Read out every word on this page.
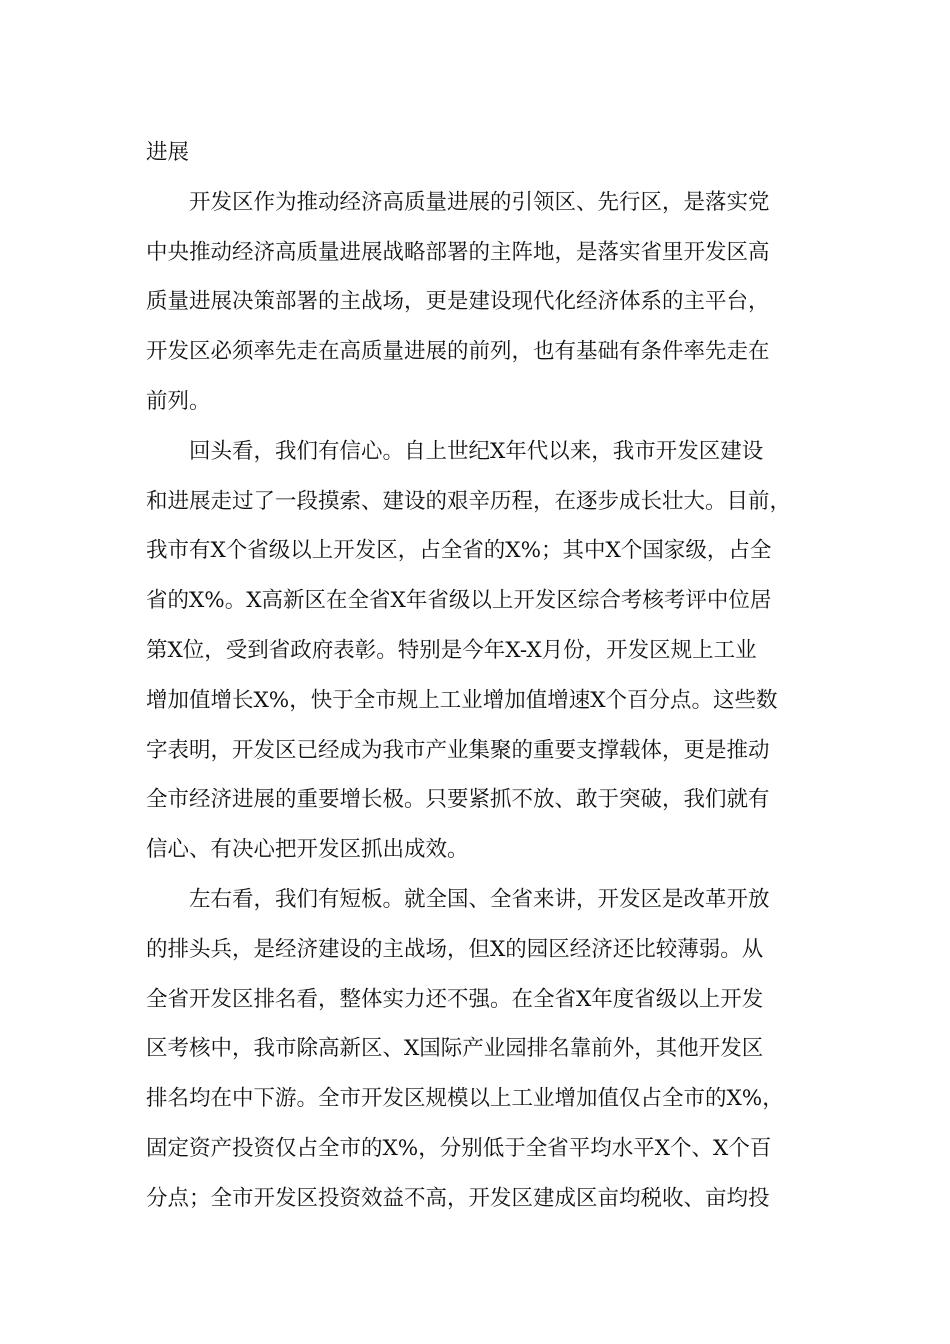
进展

开发区作为推动经济高质量进展的引领区、先行区，是落实党
中央推动经济高质量进展战略部署的主阵地，是落实省里开发区高
质量进展决策部署的主战场，更是建设现代化经济体系的主平台，
开发区必须率先走在高质量进展的前列，也有基础有条件率先走在
前列。

回头看，我们有信心。自上世纪X年代以来，我市开发区建设
和进展走过了一段摸索、建设的艰辛历程，在逐步成长壮大。目前，
我市有X个省级以上开发区，占全省的X%；其中X个国家级，占全
省的X%。X高新区在全省X年省级以上开发区综合考核考评中位居
第X位，受到省政府表彰。特别是今年X-X月份，开发区规上工业
增加值增长X%，快于全市规上工业增加值增速X个百分点。这些数
字表明，开发区已经成为我市产业集聚的重要支撑载体，更是推动
全市经济进展的重要增长极。只要紧抓不放、敢于突破，我们就有
信心、有决心把开发区抓出成效。

左右看，我们有短板。就全国、全省来讲，开发区是改革开放
的排头兵，是经济建设的主战场，但X的园区经济还比较薄弱。从
全省开发区排名看，整体实力还不强。在全省X年度省级以上开发
区考核中，我市除高新区、X国际产业园排名靠前外，其他开发区
排名均在中下游。全市开发区规模以上工业增加值仅占全市的X%，
固定资产投资仅占全市的X%，分别低于全省平均水平X个、X个百
分点；全市开发区投资效益不高，开发区建成区亩均税收、亩均投
